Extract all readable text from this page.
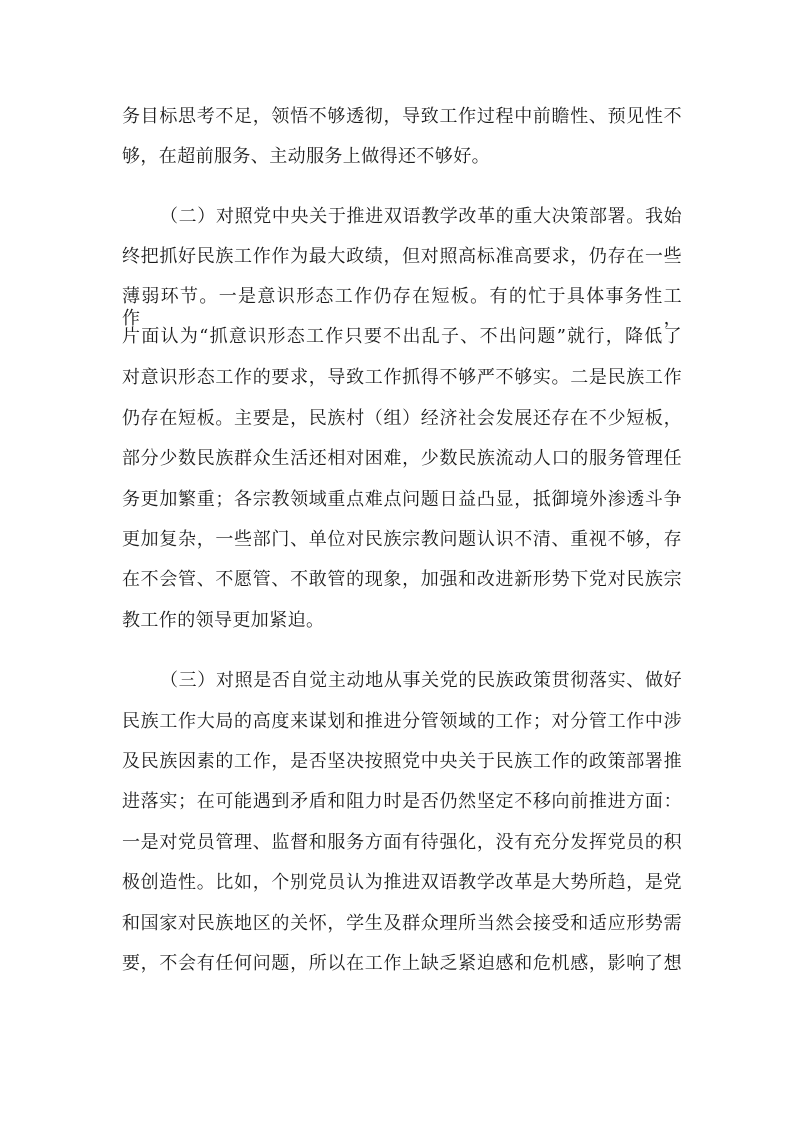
务目标思考不足，领悟不够透彻，导致工作过程中前瞻性、预见性不
够，在超前服务、主动服务上做得还不够好。
（二）对照党中央关于推进双语教学改革的重大决策部署。我始
终把抓好民族工作作为最大政绩，但对照高标准高要求，仍存在一些
薄弱环节。一是意识形态工作仍存在短板。有的忙于具体事务性工作，
片面认为“抓意识形态工作只要不出乱子、不出问题”就行，降低了
对意识形态工作的要求，导致工作抓得不够严不够实。二是民族工作
仍存在短板。主要是，民族村（组）经济社会发展还存在不少短板，
部分少数民族群众生活还相对困难，少数民族流动人口的服务管理任
务更加繁重；各宗教领域重点难点问题日益凸显，抵御境外渗透斗争
更加复杂，一些部门、单位对民族宗教问题认识不清、重视不够，存
在不会管、不愿管、不敢管的现象，加强和改进新形势下党对民族宗
教工作的领导更加紧迫。
（三）对照是否自觉主动地从事关党的民族政策贯彻落实、做好
民族工作大局的高度来谋划和推进分管领域的工作；对分管工作中涉
及民族因素的工作，是否坚决按照党中央关于民族工作的政策部署推
进落实；在可能遇到矛盾和阻力时是否仍然坚定不移向前推进方面：
一是对党员管理、监督和服务方面有待强化，没有充分发挥党员的积
极创造性。比如，个别党员认为推进双语教学改革是大势所趋，是党
和国家对民族地区的关怀，学生及群众理所当然会接受和适应形势需
要，不会有任何问题，所以在工作上缺乏紧迫感和危机感，影响了想
